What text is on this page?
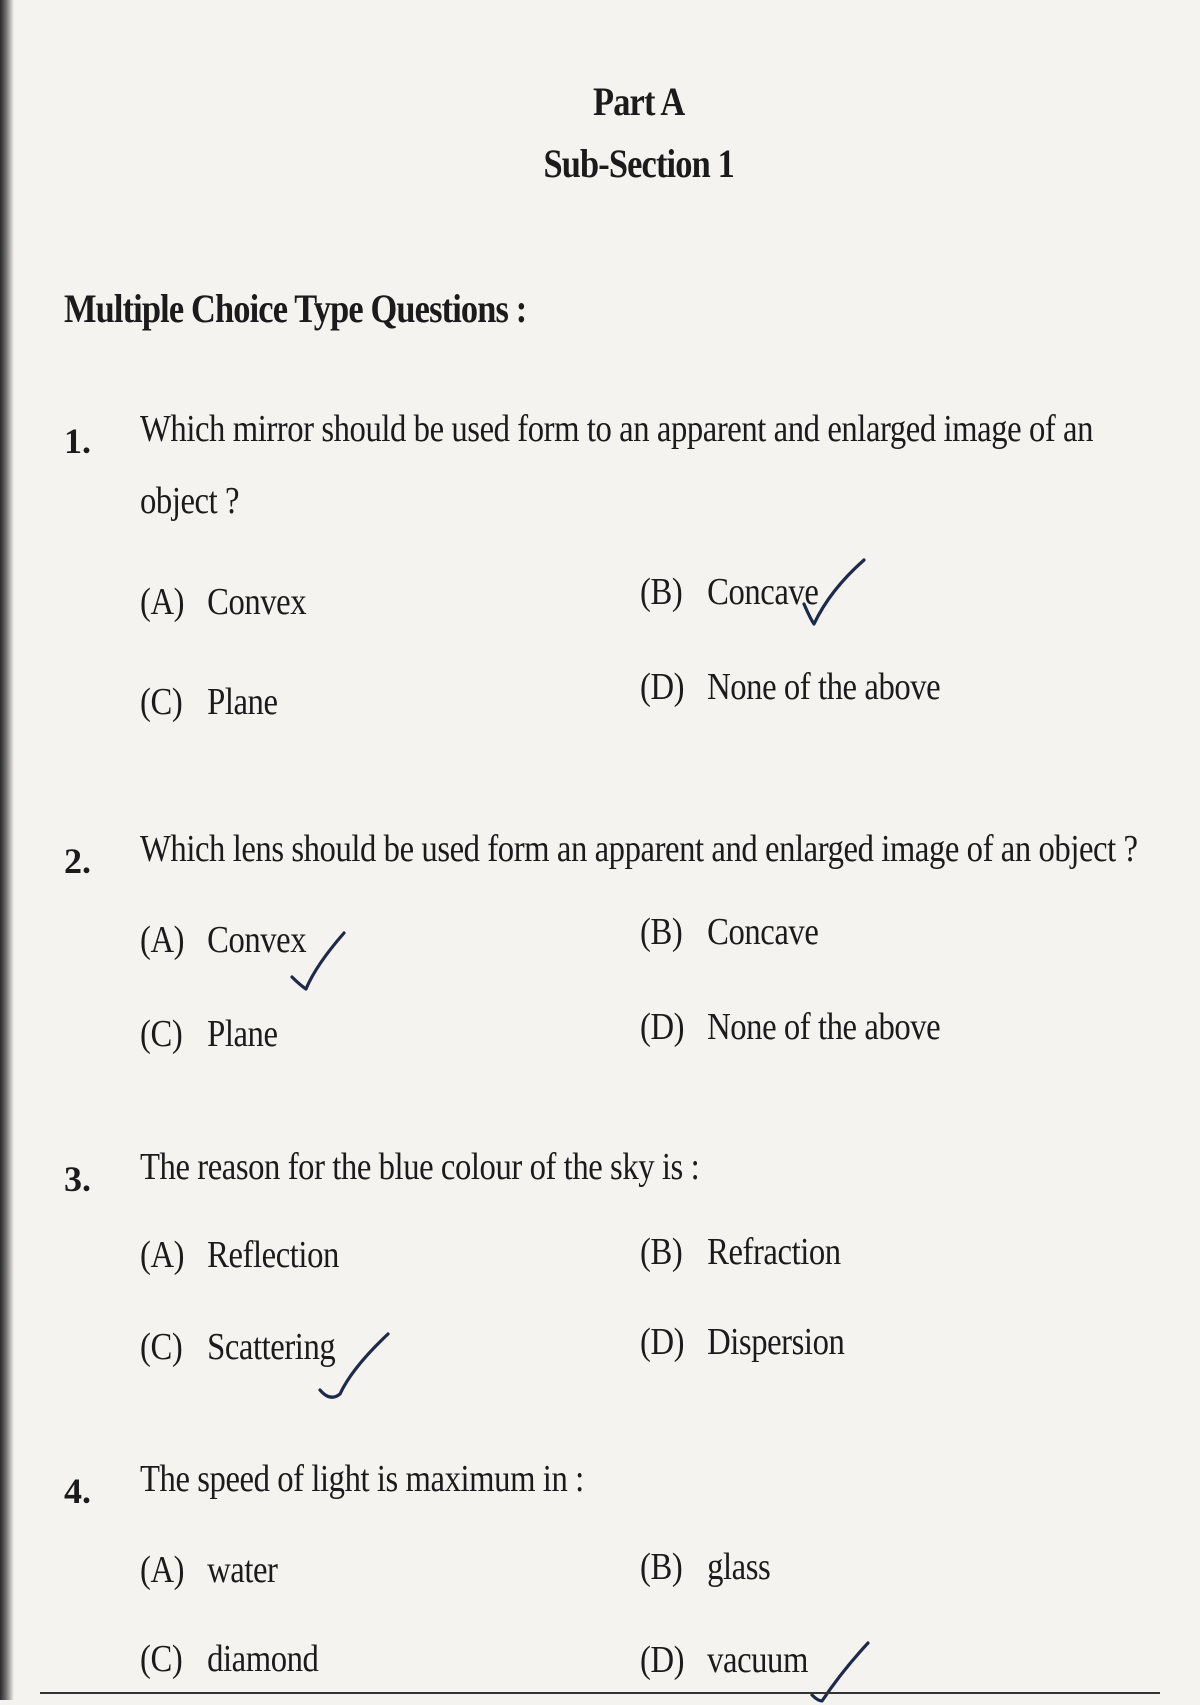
Part A
Sub-Section 1
Multiple Choice Type Questions :
1. Which mirror should be used form to an apparent and enlarged image of an
object ?
(A) Convex	(B) Concave
(C) Plane	(D) None of the above
2. Which lens should be used form an apparent and enlarged image of an object ?
(A) Convex	(B) Concave
(C) Plane	(D) None of the above
3. The reason for the blue colour of the sky is :
(A) Reflection	(B) Refraction
(C) Scattering	(D) Dispersion
4. The speed of light is maximum in :
(A) water	(B) glass
(C) diamond	(D) vacuum
